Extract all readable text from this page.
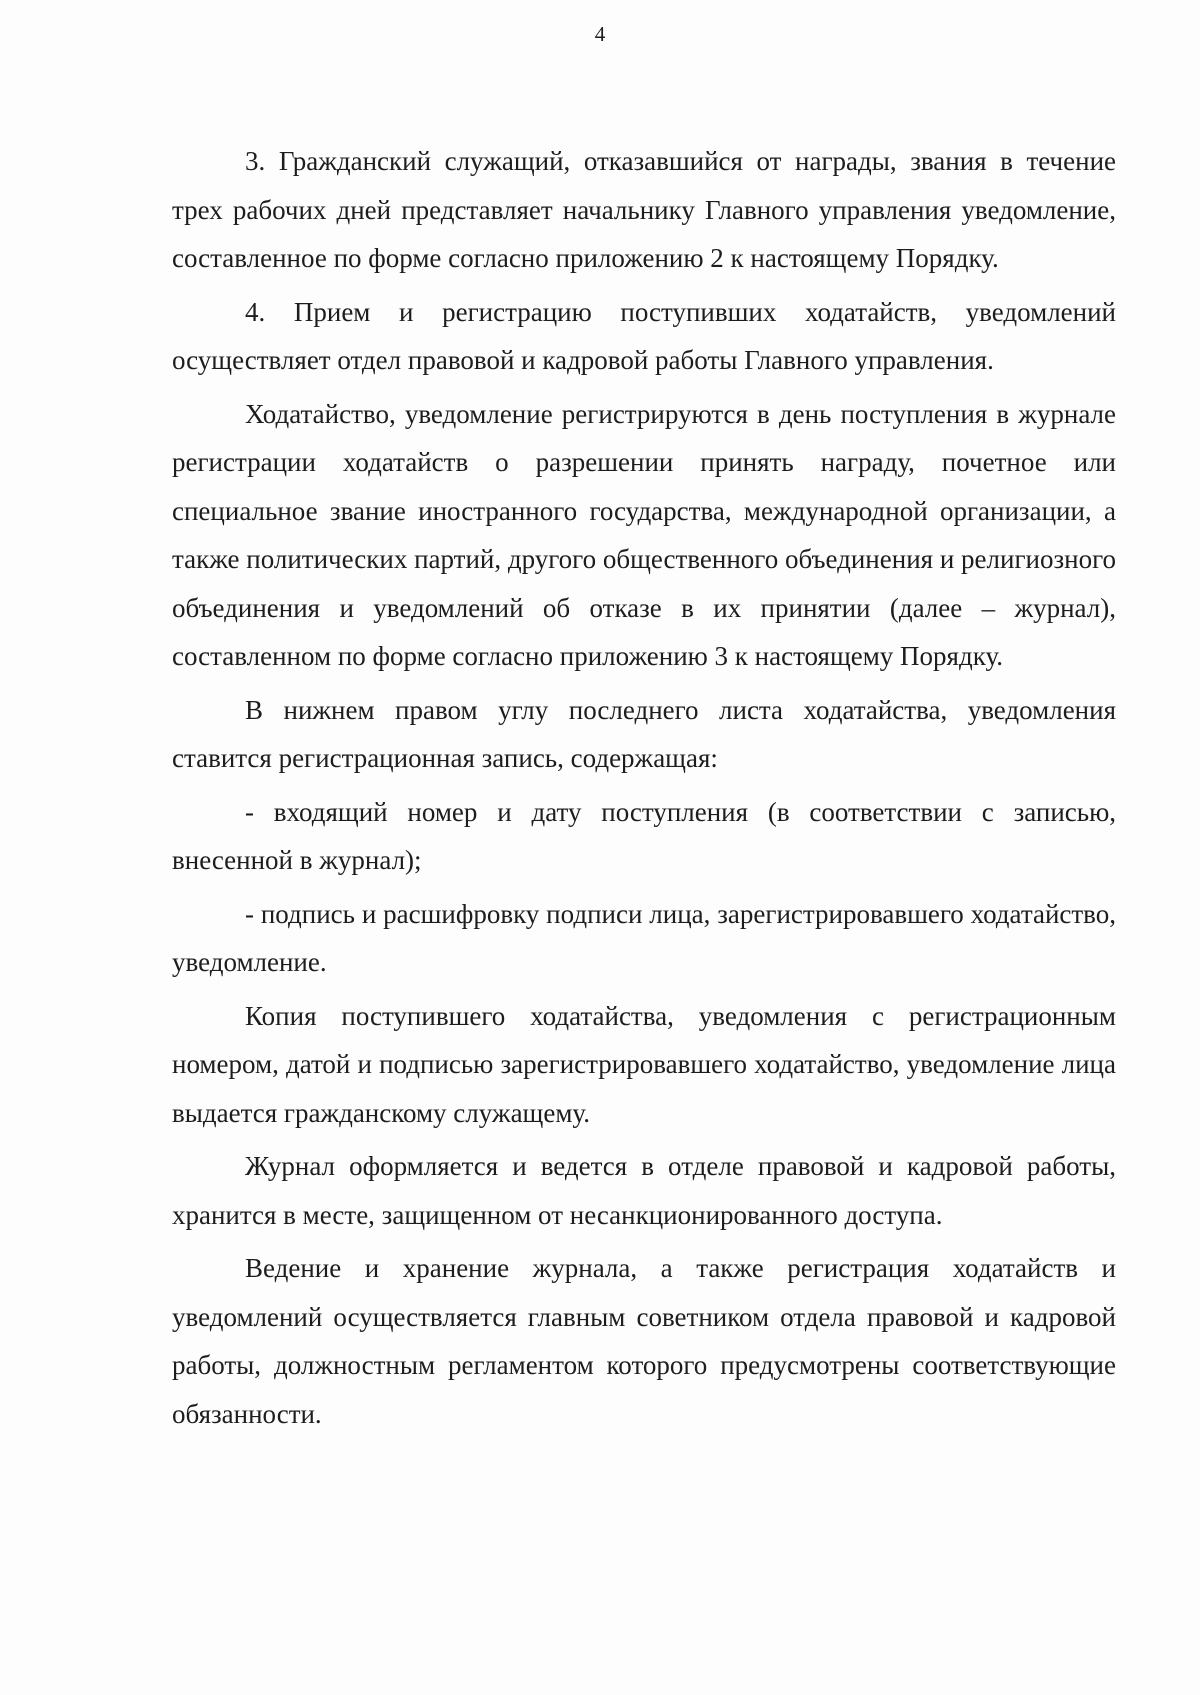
4

3. Гражданский служащий, отказавшийся от награды, звания в течение трех рабочих дней представляет начальнику Главного управления уведомление, составленное по форме согласно приложению 2 к настоящему Порядку.

4. Прием и регистрацию поступивших ходатайств, уведомлений осуществляет отдел правовой и кадровой работы Главного управления.

Ходатайство, уведомление регистрируются в день поступления в журнале регистрации ходатайств о разрешении принять награду, почетное или специальное звание иностранного государства, международной организации, а также политических партий, другого общественного объединения и религиозного объединения и уведомлений об отказе в их принятии (далее – журнал), составленном по форме согласно приложению 3 к настоящему Порядку.

В нижнем правом углу последнего листа ходатайства, уведомления ставится регистрационная запись, содержащая:

- входящий номер и дату поступления (в соответствии с записью, внесенной в журнал);

- подпись и расшифровку подписи лица, зарегистрировавшего ходатайство, уведомление.

Копия поступившего ходатайства, уведомления с регистрационным номером, датой и подписью зарегистрировавшего ходатайство, уведомление лица выдается гражданскому служащему.

Журнал оформляется и ведется в отделе правовой и кадровой работы, хранится в месте, защищенном от несанкционированного доступа.

Ведение и хранение журнала, а также регистрация ходатайств и уведомлений осуществляется главным советником отдела правовой и кадровой работы, должностным регламентом которого предусмотрены соответствующие обязанности.
